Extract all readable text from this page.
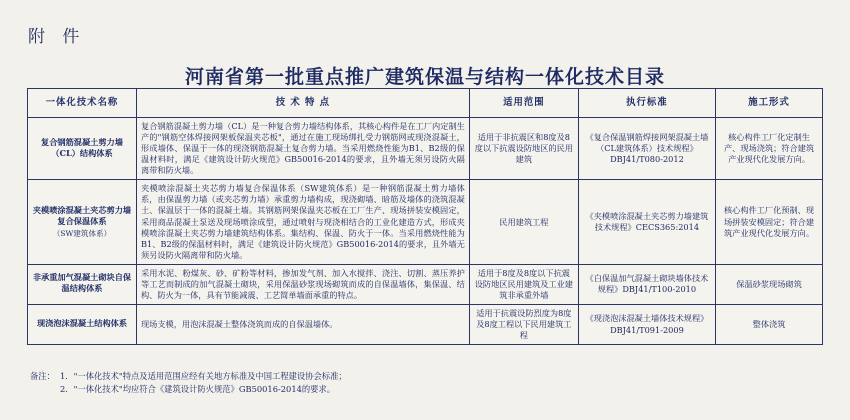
附 件
河南省第一批重点推广建筑保温与结构一体化技术目录
一体化技术名称	技 术 特 点	适用范围	执行标准	施工形式
复合钢筋混凝土剪力墙（CL）结构体系	复合钢筋混凝土剪力墙（CL）是一种复合剪力墙结构体系，其核心构件是在工厂内定制生产的"钢筋空体焊接网架板保温夹芯板"，通过在施工现场绑扎受力钢筋网或现浇混凝土，形成墙体、保温于一体的现浇钢筋混凝土复合剪力墙。当采用燃烧性能为B1、B2级的保温材料时，满足《建筑设计防火规范》GB50016-2014的要求，且外墙无须另设防火隔离带和防火墙。	适用于非抗震区和8度及8度以下抗震设防地区的民用建筑	《复合保温钢筋焊接网架混凝土墙（CL建筑体系）技术规程》DBJ41/T080-2012	核心构件工厂化定制生产、现场浇筑；符合建筑产业现代化发展方向。
夹模喷涂混凝土夹芯剪力墙复合保温体系
（SW建筑体系）	夹模喷涂混凝土夹芯剪力墙复合保温体系（SW建筑体系）是一种钢筋混凝土剪力墙体系，由保温剪力墙（或夹芯剪力墙）承重剪力墙构成，现浇砌墙、暗筋及墙体的浇筑混凝土、保温层于一体的混凝土墙。其钢筋网架保温夹芯板在工厂生产、现场拼装安模固定，采用商品混凝土泵送及现场喷涂成型，通过喷射与现浇相结合的工业化建造方式，形成夹模喷涂混凝土夹芯剪力墙建筑结构体系。集结构、保温、防火于一体。当采用燃烧性能为B1、B2级的保温材料时，满足《建筑设计防火规范》GB50016-2014的要求，且外墙无须另设防火隔离带和防火墙。	民用建筑工程	《夹模喷涂混凝土夹芯剪力墙建筑技术规程》CECS365:2014	核心构件工厂化预制、现场拼装安模固定；符合建筑产业现代化发展方向。
非承重加气混凝土砌块自保温结构体系	采用水泥、粉煤灰、砂、矿粉等材料，掺加发气剂、加入水搅拌、浇注、切割、蒸压养护等工艺而制成的加气混凝土砌块，采用保温砂浆现场砌筑而成的自保温墙体，集保温、结构、防火为一体，具有节能减震、工艺简单墙面承重的特点。	适用于8度及8度以下抗震设防地区民用建筑及工业建筑非承重外墙	《白保温加气混凝土砌块墙体技术规程》DBJ41/T100-2010	保温砂浆现场砌筑
现浇泡沫混凝土结构体系	现场支模，用泡沫混凝土整体浇筑而成的自保温墙体。	适用于抗震设防烈度为8度及8度工程以下民用建筑工程	《现浇泡沫混凝土墙体技术规程》DBJ41/T091-2009	整体浇筑
备注： 1．"一体化技术"特点及适用范围应经有关地方标准及中国工程建设协会标准；
2．"一体化技术"均应符合《建筑设计防火规范》GB50016-2014的要求。
